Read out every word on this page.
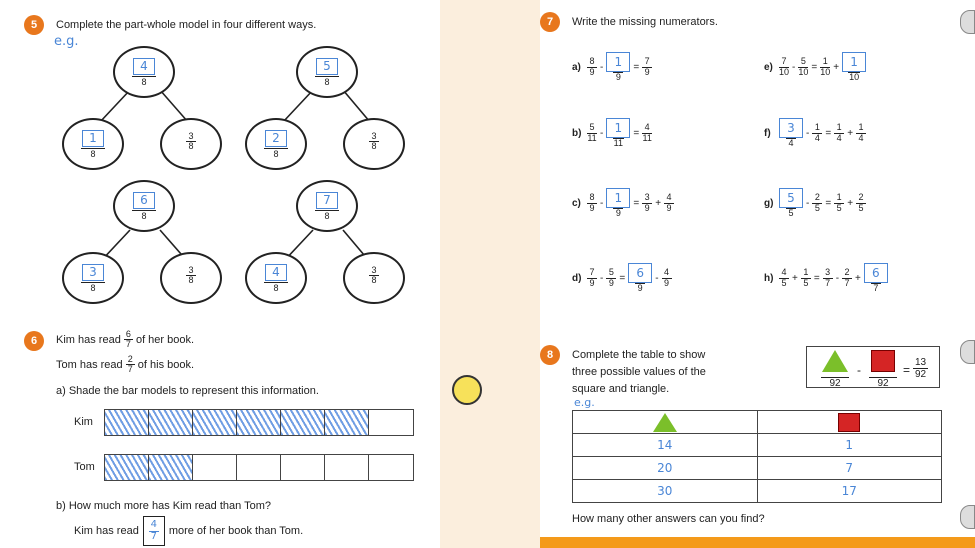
5	Complete the part-whole model in four different ways.
e.g.
4
8
1
8
$\frac{3}{8}$
5
8
2
8
$\frac{3}{8}$
6
8
3
8
$\frac{3}{8}$
7
8
4
8
$\frac{3}{8}$
6	Kim has read $\frac{6}{7}$ of her book.
Tom has read $\frac{2}{7}$ of his book.
a) Shade the bar models to represent this information.
Kim
Tom
b) How much more has Kim read than Tom?
Kim has read $\frac{4}{7}$ more of her book than Tom.
7	Write the missing numerators.
$a) \frac{8}{9} - 1$
9
= $\frac{7}{9}$
$b) \frac{5}{11} - 1$
11
= $\frac{4}{11}$
$c) \frac{8}{9} - 1$
9
= $\frac{3}{9} + \frac{4}{9}$
$d) \frac{7}{9} - \frac{5}{9} = 6$
9
- $\frac{4}{9}$
$e) \frac{7}{10} - \frac{5}{10} = \frac{1}{10} + 1$
10
f)	3
4
- $\frac{1}{4} = \frac{1}{4} + \frac{1}{4}$
g)	5
5
- $\frac{2}{5} = \frac{1}{5} + \frac{2}{5}$
$h) \frac{4}{5} + \frac{1}{5} = \frac{3}{7} - \frac{2}{7} + 6$
7
8	Complete the table to show
three possible values of the
square and triangle.
e.g.
92
-
92
= $\frac{13}{92}$

14	1
20	7
30	17
How many other answers can you find?
